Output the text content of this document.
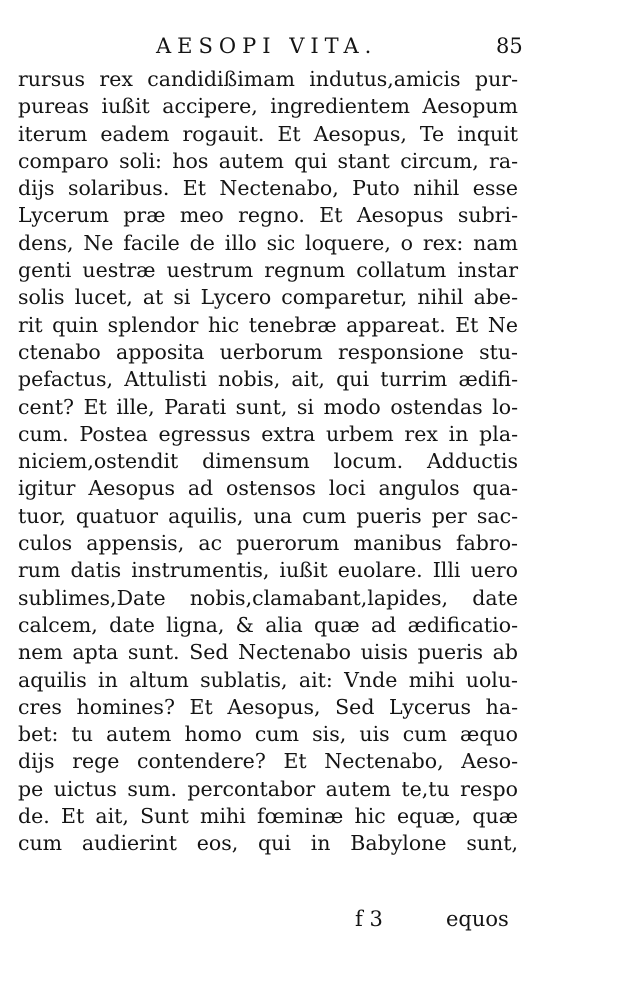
AESOPI VITA.	85
rursus rex candidißimam indutus,amicis pur-
pureas iußit accipere, ingredientem Aesopum
iterum eadem rogauit. Et Aesopus, Te inquit
comparo soli: hos autem qui stant circum, ra-
dijs solaribus. Et Nectenabo, Puto nihil esse
Lycerum præ meo regno. Et Aesopus subri-
dens, Ne facile de illo sic loquere, o rex: nam
genti uestræ uestrum regnum collatum instar
solis lucet, at si Lycero comparetur, nihil abe-
rit quin splendor hic tenebræ appareat. Et Ne
ctenabo apposita uerborum responsione stu-
pefactus, Attulisti nobis, ait, qui turrim ædifi-
cent? Et ille, Parati sunt, si modo ostendas lo-
cum. Postea egressus extra urbem rex in pla-
niciem,ostendit dimensum locum. Adductis
igitur Aesopus ad ostensos loci angulos qua-
tuor, quatuor aquilis, una cum pueris per sac-
culos appensis, ac puerorum manibus fabro-
rum datis instrumentis, iußit euolare. Illi uero
sublimes,Date nobis,clamabant,lapides, date
calcem, date ligna, & alia quæ ad ædificatio-
nem apta sunt. Sed Nectenabo uisis pueris ab
aquilis in altum sublatis, ait: Vnde mihi uolu-
cres homines? Et Aesopus, Sed Lycerus ha-
bet: tu autem homo cum sis, uis cum æquo
dijs rege contendere? Et Nectenabo, Aeso-
pe uictus sum. percontabor autem te,tu respo
de. Et ait, Sunt mihi fœminæ hic equæ, quæ
cum audierint eos, qui in Babylone sunt,
f 3	equos
